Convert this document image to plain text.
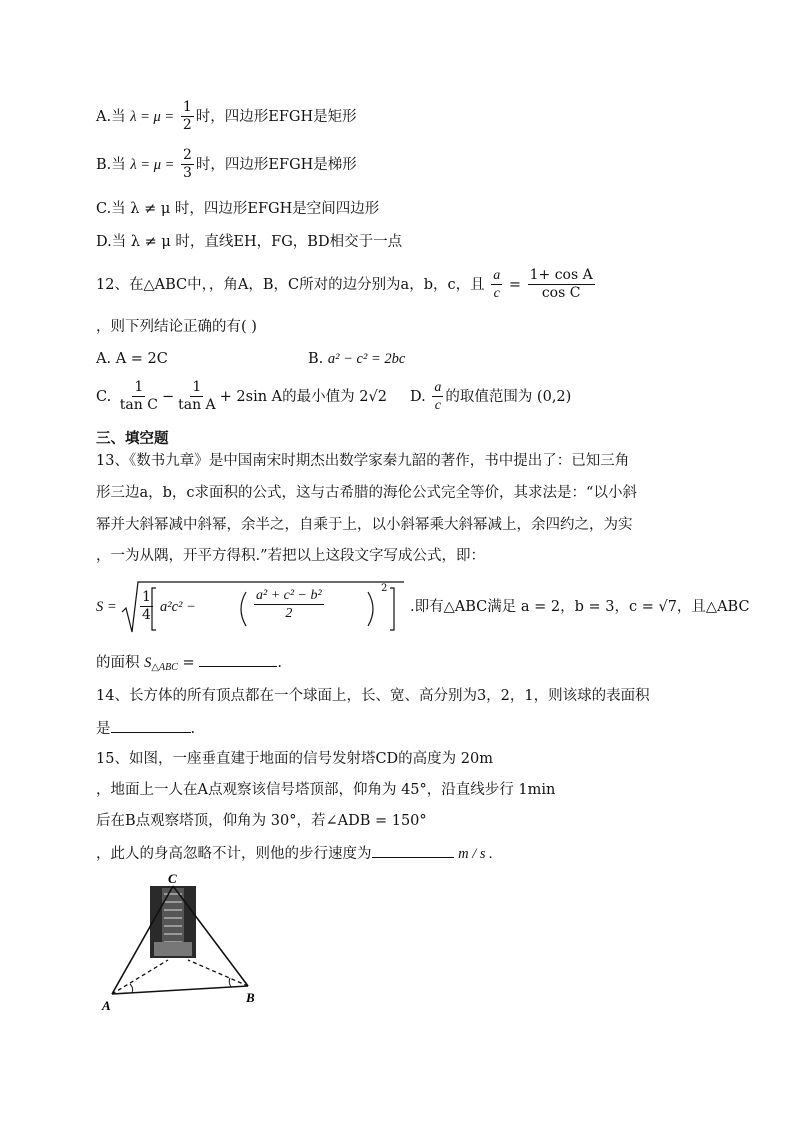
A.当 $\lambda = \mu = \frac{1}{2}$ 时，四边形EFGH是矩形
B.当 $\lambda = \mu = \frac{2}{3}$ 时，四边形EFGH是梯形
C.当 λ ≠ μ 时，四边形EFGH是空间四边形
D.当 λ ≠ μ 时，直线EH，FG，BD相交于一点
12、在△ABC中，，角A，B，C所对的边分别为a，b，c，且 $\frac{a}{c} = \frac{\text{1+ cos A}}{\text{cos C}}$
，则下列结论正确的有( )
A. A = 2C	B. a² − c² = 2bc
C. $\frac{1}{\text{tan C}} - \frac{1}{\text{tan A}} + 2\sin$ A的最小值为 2√2 D. $\frac{a}{c}$ 的取值范围为 (0,2)
三、填空题
13、《数书九章》是中国南宋时期杰出数学家秦九韶的著作，书中提出了：已知三角
形三边a，b，c求面积的公式，这与古希腊的海伦公式完全等价，其求法是：“以小斜
幂并大斜幂减中斜幂，余半之，自乘于上，以小斜幂乘大斜幂减上，余四约之，为实
，一为从隅，开平方得积.”若把以上这段文字写成公式，即：
$S = \frac{1}{4} a^2c^2$ −	$\frac{\text{a² + c² − b²}}{2}$	2
.即有△ABC满足 a = 2，b = 3，c = √7，且△ABC
的面积 $S_{\triangle ABC}$ =	.
14、长方体的所有顶点都在一个球面上，长、宽、高分别为3，2，1，则该球的表面积
是	.
15、如图，一座垂直建于地面的信号发射塔CD的高度为 20m
，地面上一人在A点观察该信号塔顶部，仰角为 45°，沿直线步行 1min
后在B点观察塔顶，仰角为 30°，若∠ADB = 150°
，此人的身高忽略不计，则他的步行速度为	m / s .
C
A
B
